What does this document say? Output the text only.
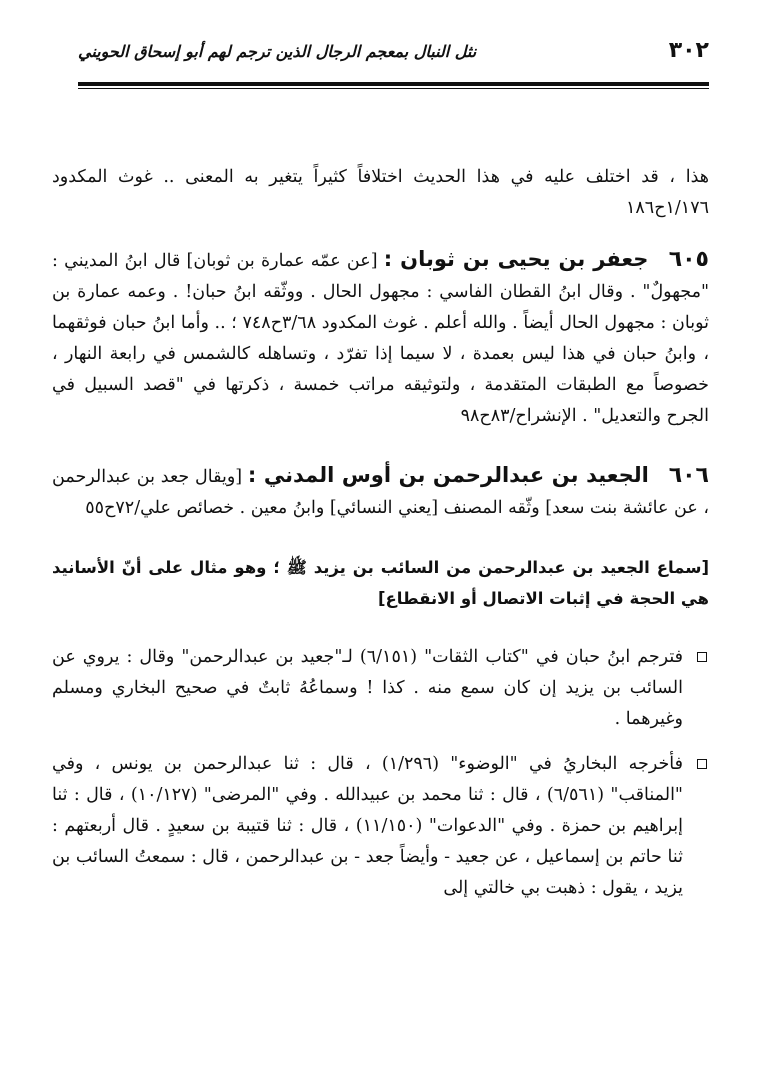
٣٠٢
نثل النبال بمعجم الرجال الذين ترجم لهم أبو إسحاق الحويني

هذا ، قد اختلف عليه في هذا الحديث اختلافاً كثيراً يتغير به المعنى .. غوث المكدود ١/١٧٦ح١٨٦

٦٠٥ جعفر بن يحيى بن ثوبان : [عن عمّه عمارة بن ثوبان] قال ابنُ المديني : "مجهولٌ" . وقال ابنُ القطان الفاسي : مجهول الحال . ووثّقه ابنُ حبان! . وعمه عمارة بن ثوبان : مجهول الحال أيضاً . والله أعلم . غوث المكدود ٣/٦٨ح٧٤٨ ؛ .. وأما ابنُ حبان فوثقهما ، وابنُ حبان في هذا ليس بعمدة ، لا سيما إذا تفرّد ، وتساهله كالشمس في رابعة النهار ، خصوصاً مع الطبقات المتقدمة ، ولتوثيقه مراتب خمسة ، ذكرتها في "قصد السبيل في الجرح والتعديل" . الإنشراح/٨٣ح٩٨

٦٠٦ الجعيد بن عبدالرحمن بن أوس المدني : [ويقال جعد بن عبدالرحمن ، عن عائشة بنت سعد] وثّقه المصنف [يعني النسائي] وابنُ معين . خصائص علي/٧٢ح٥٥

[سماع الجعيد بن عبدالرحمن من السائب بن يزيد ﷺ ؛ وهو مثال على أنّ الأسانيد هي الحجة في إثبات الاتصال أو الانقطاع]

فترجم ابنُ حبان في "كتاب الثقات" (٦/١٥١) لـ"جعيد بن عبدالرحمن" وقال : يروي عن السائب بن يزيد إن كان سمع منه . كذا ! وسماعُهُ ثابتٌ في صحيح البخاري ومسلم وغيرهما .
فأخرجه البخاريُ في "الوضوء" (١/٢٩٦) ، قال : ثنا عبدالرحمن بن يونس ، وفي "المناقب" (٦/٥٦١) ، قال : ثنا محمد بن عبيدالله . وفي "المرضى" (١٠/١٢٧) ، قال : ثنا إبراهيم بن حمزة . وفي "الدعوات" (١١/١٥٠) ، قال : ثنا قتيبة بن سعيدٍ . قال أربعتهم : ثنا حاتم بن إسماعيل ، عن جعيد - وأيضاً جعد - بن عبدالرحمن ، قال : سمعتُ السائب بن يزيد ، يقول : ذهبت بي خالتي إلى
